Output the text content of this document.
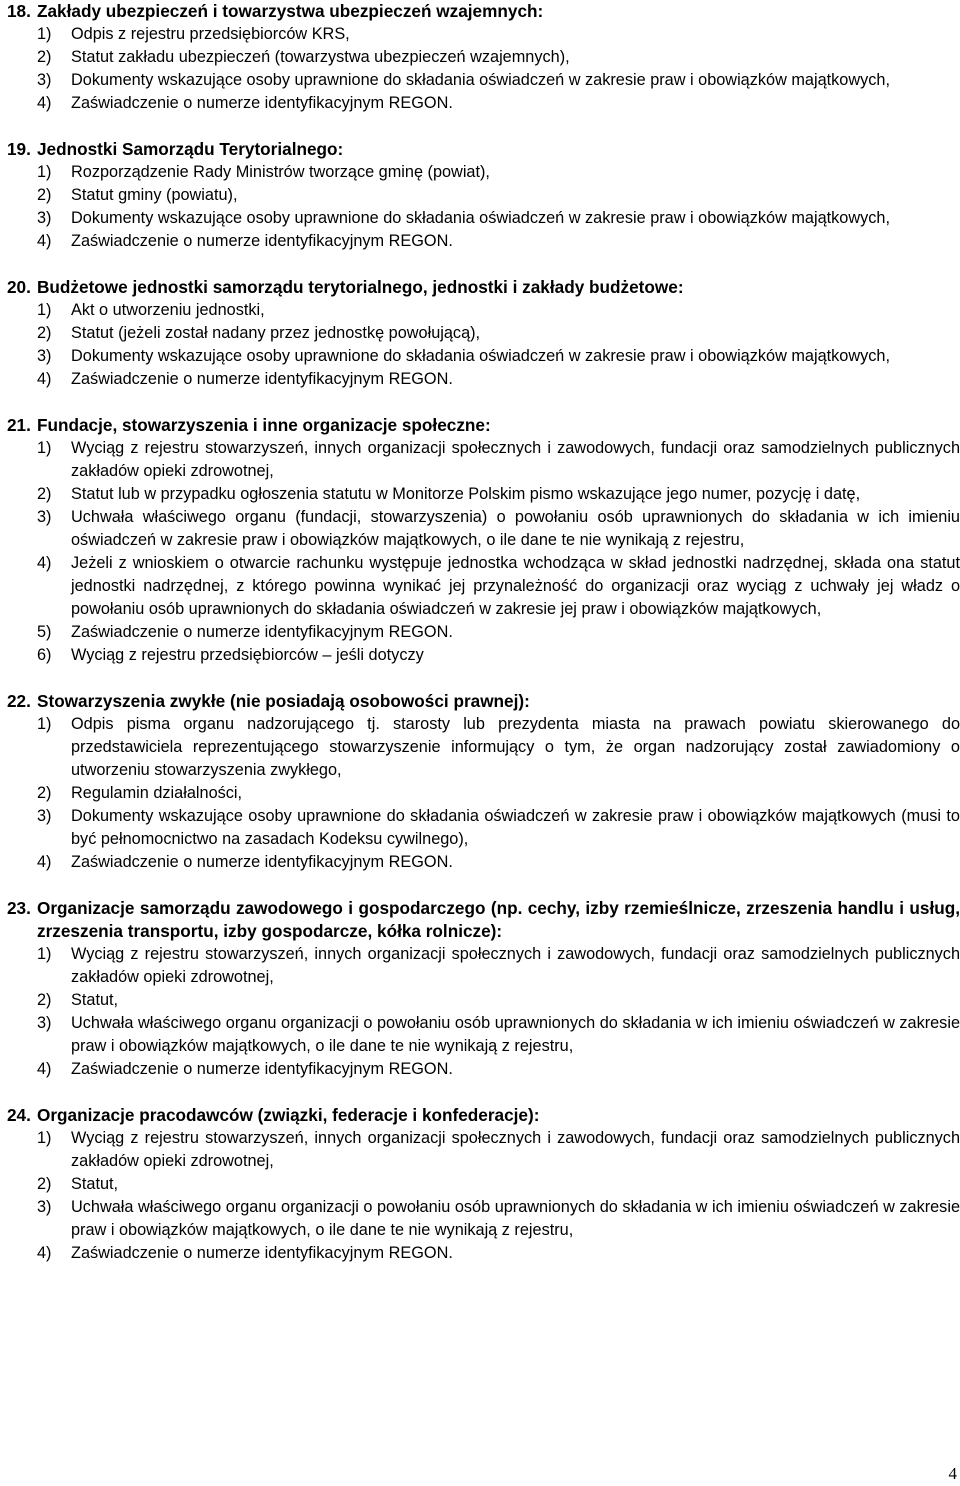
18. Zakłady ubezpieczeń i towarzystwa ubezpieczeń wzajemnych:
1)	Odpis z rejestru przedsiębiorców KRS,
2)	Statut zakładu ubezpieczeń (towarzystwa ubezpieczeń wzajemnych),
3)	Dokumenty wskazujące osoby uprawnione do składania oświadczeń w zakresie praw i obowiązków majątkowych,
4)	Zaświadczenie o numerze identyfikacyjnym REGON.
19. Jednostki Samorządu Terytorialnego:
1)	Rozporządzenie Rady Ministrów tworzące gminę (powiat),
2)	Statut gminy (powiatu),
3)	Dokumenty wskazujące osoby uprawnione do składania oświadczeń w zakresie praw i obowiązków majątkowych,
4)	Zaświadczenie o numerze identyfikacyjnym REGON.
20. Budżetowe jednostki samorządu terytorialnego, jednostki i zakłady budżetowe:
1)	Akt o utworzeniu jednostki,
2)	Statut (jeżeli został nadany przez jednostkę powołującą),
3)	Dokumenty wskazujące osoby uprawnione do składania oświadczeń w zakresie praw i obowiązków majątkowych,
4)	Zaświadczenie o numerze identyfikacyjnym REGON.
21. Fundacje, stowarzyszenia i inne organizacje społeczne:
1)	Wyciąg z rejestru stowarzyszeń, innych organizacji społecznych i zawodowych, fundacji oraz samodzielnych publicznych zakładów opieki zdrowotnej,
2)	Statut lub w przypadku ogłoszenia statutu w Monitorze Polskim pismo wskazujące jego numer, pozycję i datę,
3)	Uchwała właściwego organu (fundacji, stowarzyszenia) o powołaniu osób uprawnionych do składania w ich imieniu oświadczeń w zakresie praw i obowiązków majątkowych, o ile dane te nie wynikają z rejestru,
4)	Jeżeli z wnioskiem o otwarcie rachunku występuje jednostka wchodząca w skład jednostki nadrzędnej, składa ona statut jednostki nadrzędnej, z którego powinna wynikać jej przynależność do organizacji oraz wyciąg z uchwały jej władz o powołaniu osób uprawnionych do składania oświadczeń w zakresie jej praw i obowiązków majątkowych,
5)	Zaświadczenie o numerze identyfikacyjnym REGON.
6)	Wyciąg z rejestru przedsiębiorców – jeśli dotyczy
22. Stowarzyszenia zwykłe (nie posiadają osobowości prawnej):
1)	Odpis pisma organu nadzorującego tj. starosty lub prezydenta miasta na prawach powiatu skierowanego do przedstawiciela reprezentującego stowarzyszenie informujący o tym, że organ nadzorujący został zawiadomiony o utworzeniu stowarzyszenia zwykłego,
2)	Regulamin działalności,
3)	Dokumenty wskazujące osoby uprawnione do składania oświadczeń w zakresie praw i obowiązków majątkowych (musi to być pełnomocnictwo na zasadach Kodeksu cywilnego),
4)	Zaświadczenie o numerze identyfikacyjnym REGON.
23. Organizacje samorządu zawodowego i gospodarczego (np. cechy, izby rzemieślnicze, zrzeszenia handlu i usług, zrzeszenia transportu, izby gospodarcze, kółka rolnicze):
1)	Wyciąg z rejestru stowarzyszeń, innych organizacji społecznych i zawodowych, fundacji oraz samodzielnych publicznych zakładów opieki zdrowotnej,
2)	Statut,
3)	Uchwała właściwego organu organizacji o powołaniu osób uprawnionych do składania w ich imieniu oświadczeń w zakresie praw i obowiązków majątkowych, o ile dane te nie wynikają z rejestru,
4)	Zaświadczenie o numerze identyfikacyjnym REGON.
24. Organizacje pracodawców (związki, federacje i konfederacje):
1)	Wyciąg z rejestru stowarzyszeń, innych organizacji społecznych i zawodowych, fundacji oraz samodzielnych publicznych zakładów opieki zdrowotnej,
2)	Statut,
3)	Uchwała właściwego organu organizacji o powołaniu osób uprawnionych do składania w ich imieniu oświadczeń w zakresie praw i obowiązków majątkowych, o ile dane te nie wynikają z rejestru,
4)	Zaświadczenie o numerze identyfikacyjnym REGON.
4
